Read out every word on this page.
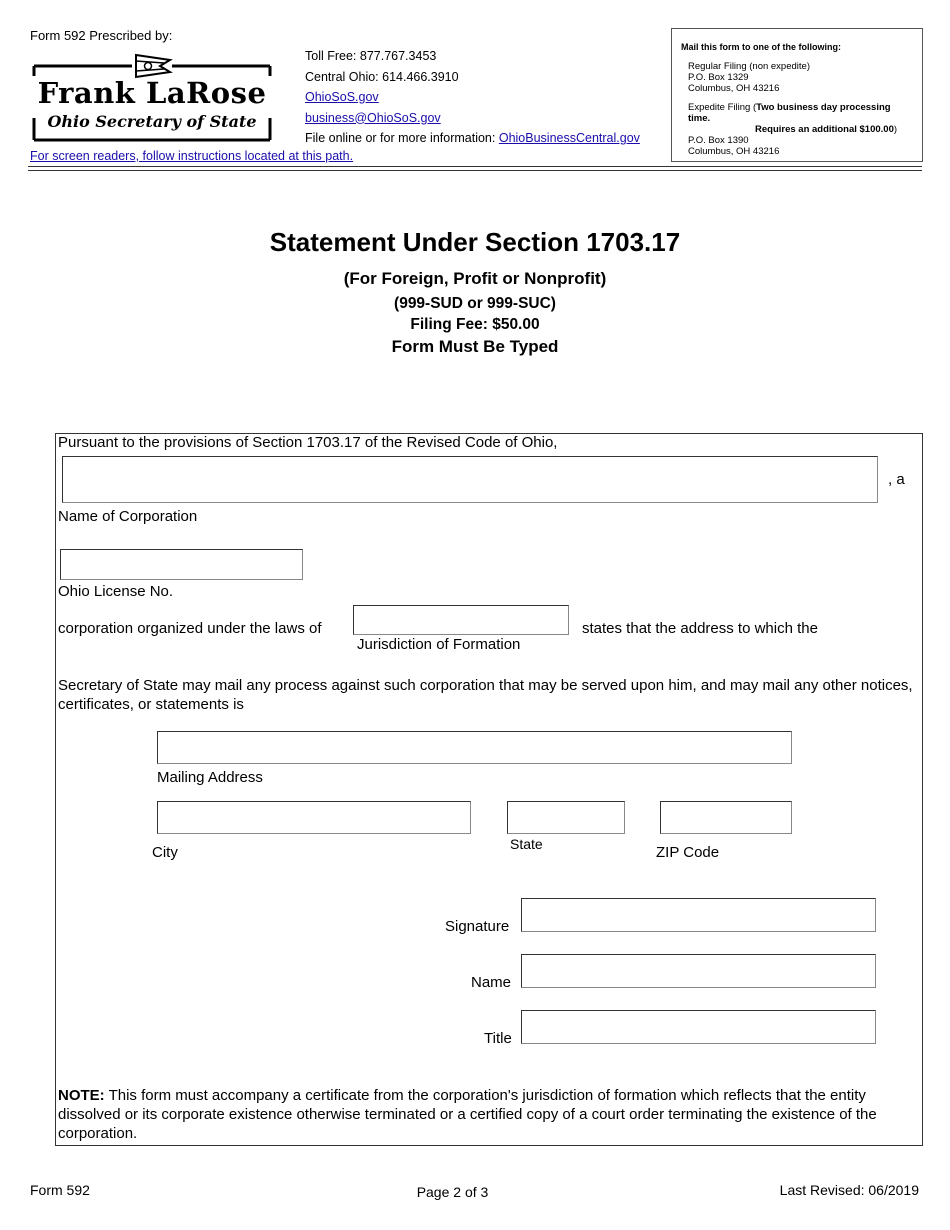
Form 592 Prescribed by:
Frank LaRose
Ohio Secretary of State
For screen readers, follow instructions located at this path.
Toll Free: 877.767.3453
Central Ohio: 614.466.3910
OhioSoS.gov
business@OhioSoS.gov
File online or for more information: OhioBusinessCentral.gov
Mail this form to one of the following:
Regular Filing (non expedite)
P.O. Box 1329
Columbus, OH 43216
Expedite Filing (Two business day processing time.
Requires an additional $100.00)
P.O. Box 1390
Columbus, OH 43216
Statement Under Section 1703.17
(For Foreign, Profit or Nonprofit)
(999-SUD or 999-SUC)
Filing Fee: $50.00
Form Must Be Typed
Pursuant to the provisions of Section 1703.17 of the Revised Code of Ohio,
, a
Name of Corporation
Ohio License No.
corporation organized under the laws of
Jurisdiction of Formation
states that the address to which the
Secretary of State may mail any process against such corporation that may be served upon him, and may mail any other notices, certificates, or statements is
Mailing Address
City	State	ZIP Code
Signature
Name
Title
NOTE: This form must accompany a certificate from the corporation's jurisdiction of formation which reflects that the entity dissolved or its corporate existence otherwise terminated or a certified copy of a court order terminating the existence of the corporation.
Form 592	Page 2 of 3	Last Revised: 06/2019
